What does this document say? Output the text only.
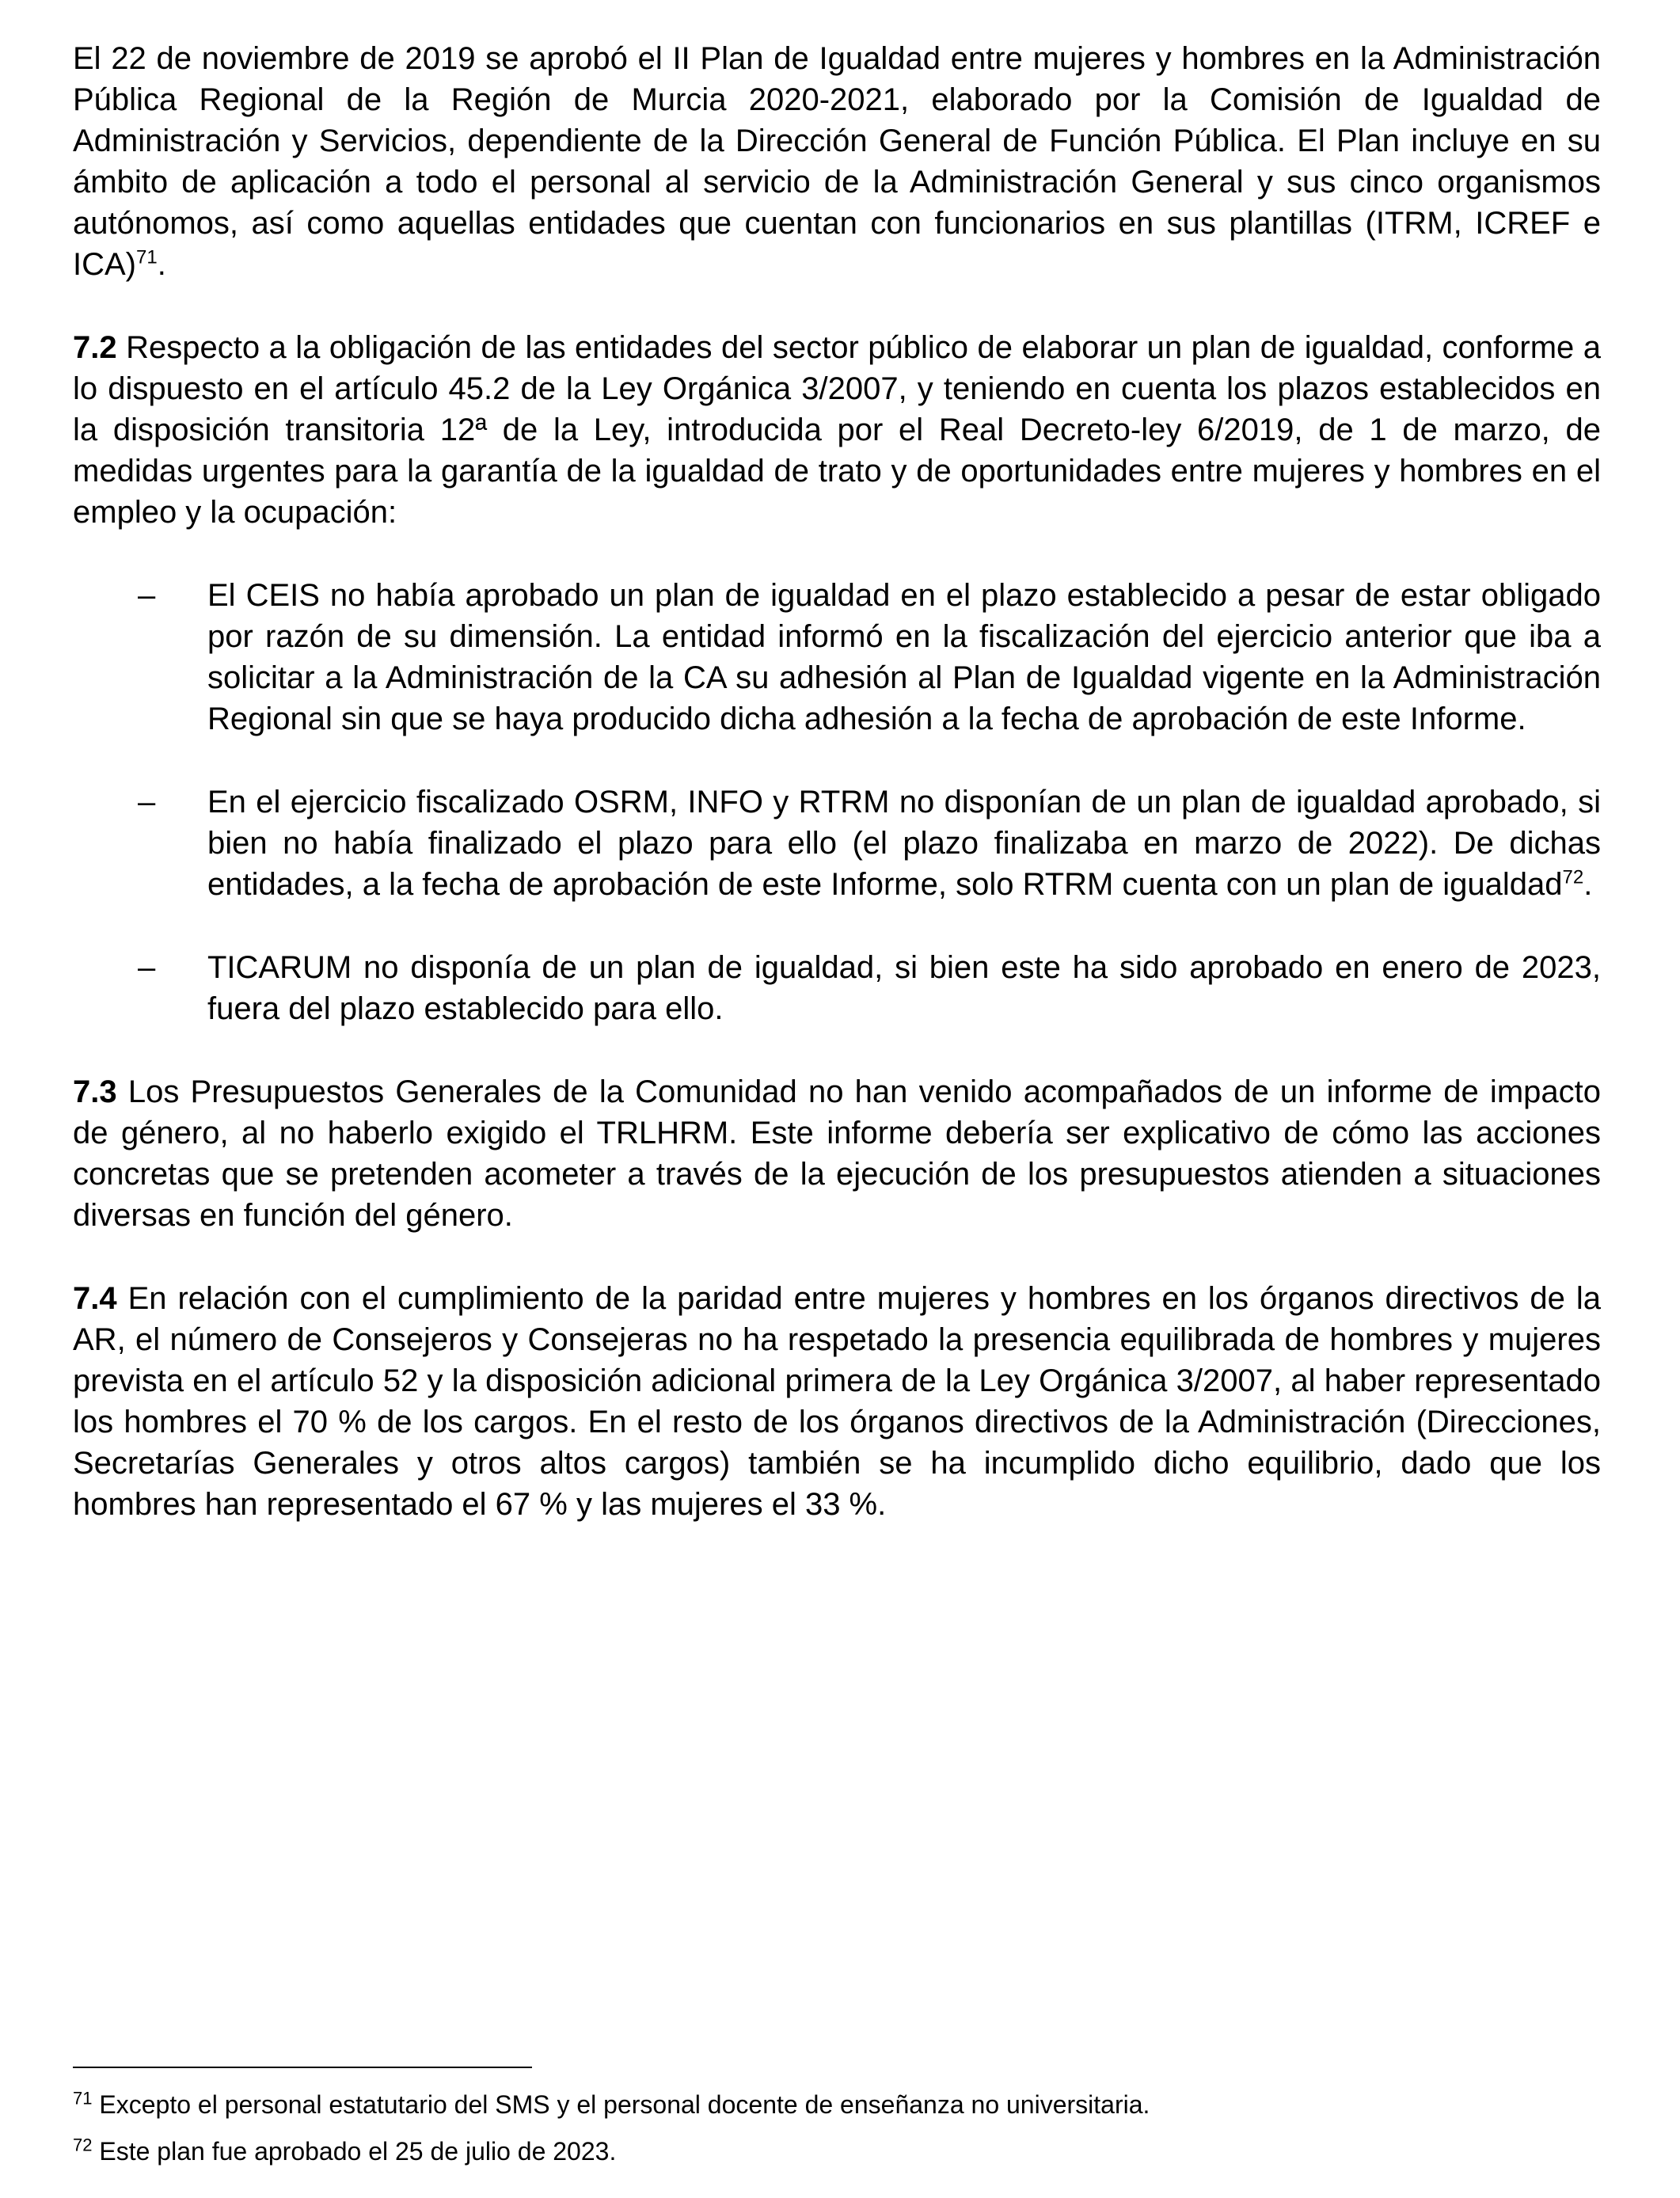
El 22 de noviembre de 2019 se aprobó el II Plan de Igualdad entre mujeres y hombres en la Administración Pública Regional de la Región de Murcia 2020-2021, elaborado por la Comisión de Igualdad de Administración y Servicios, dependiente de la Dirección General de Función Pública. El Plan incluye en su ámbito de aplicación a todo el personal al servicio de la Administración General y sus cinco organismos autónomos, así como aquellas entidades que cuentan con funcionarios en sus plantillas (ITRM, ICREF e ICA)$^{71}$.

7.2 Respecto a la obligación de las entidades del sector público de elaborar un plan de igualdad, conforme a lo dispuesto en el artículo 45.2 de la Ley Orgánica 3/2007, y teniendo en cuenta los plazos establecidos en la disposición transitoria 12ª de la Ley, introducida por el Real Decreto-ley 6/2019, de 1 de marzo, de medidas urgentes para la garantía de la igualdad de trato y de oportunidades entre mujeres y hombres en el empleo y la ocupación:

– El CEIS no había aprobado un plan de igualdad en el plazo establecido a pesar de estar obligado por razón de su dimensión. La entidad informó en la fiscalización del ejercicio anterior que iba a solicitar a la Administración de la CA su adhesión al Plan de Igualdad vigente en la Administración Regional sin que se haya producido dicha adhesión a la fecha de aprobación de este Informe.
– En el ejercicio fiscalizado OSRM, INFO y RTRM no disponían de un plan de igualdad aprobado, si bien no había finalizado el plazo para ello (el plazo finalizaba en marzo de 2022). De dichas entidades, a la fecha de aprobación de este Informe, solo RTRM cuenta con un plan de igualdad$^{72}$.
– TICARUM no disponía de un plan de igualdad, si bien este ha sido aprobado en enero de 2023, fuera del plazo establecido para ello.

7.3 Los Presupuestos Generales de la Comunidad no han venido acompañados de un informe de impacto de género, al no haberlo exigido el TRLHRM. Este informe debería ser explicativo de cómo las acciones concretas que se pretenden acometer a través de la ejecución de los presupuestos atienden a situaciones diversas en función del género.

7.4 En relación con el cumplimiento de la paridad entre mujeres y hombres en los órganos directivos de la AR, el número de Consejeros y Consejeras no ha respetado la presencia equilibrada de hombres y mujeres prevista en el artículo 52 y la disposición adicional primera de la Ley Orgánica 3/2007, al haber representado los hombres el 70 % de los cargos. En el resto de los órganos directivos de la Administración (Direcciones, Secretarías Generales y otros altos cargos) también se ha incumplido dicho equilibrio, dado que los hombres han representado el 67 % y las mujeres el 33 %.

$^{71}$ Excepto el personal estatutario del SMS y el personal docente de enseñanza no universitaria.

$^{72}$ Este plan fue aprobado el 25 de julio de 2023.
